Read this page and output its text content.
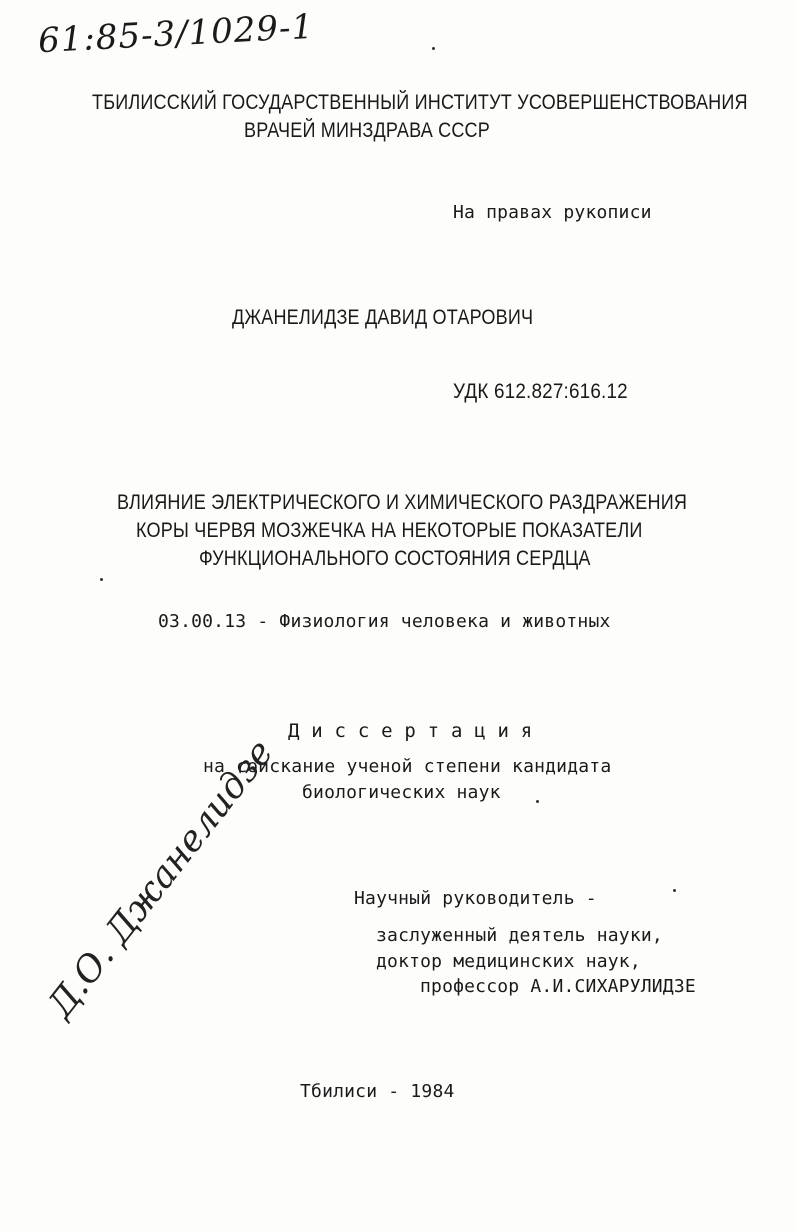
61:85-3/1029-1
ТБИЛИССКИЙ ГОСУДАРСТВЕННЫЙ ИНСТИТУТ УСОВЕРШЕНСТВОВАНИЯ
ВРАЧЕЙ МИНЗДРАВА СССР
На правах рукописи
ДЖАНЕЛИДЗЕ ДАВИД ОТАРОВИЧ
УДК 612.827:616.12
ВЛИЯНИЕ ЭЛЕКТРИЧЕСКОГО И ХИМИЧЕСКОГО РАЗДРАЖЕНИЯ
КОРЫ ЧЕРВЯ МОЗЖЕЧКА НА НЕКОТОРЫЕ ПОКАЗАТЕЛИ
ФУНКЦИОНАЛЬНОГО СОСТОЯНИЯ СЕРДЦА
03.00.13 - Физиология человека и животных
Д и с с е р т а ц и я
на соискание ученой степени кандидата
биологических наук
Научный руководитель -
заслуженный деятель науки,
доктор медицинских наук,
профессор А.И.СИХАРУЛИДЗЕ
Д.О. Джанелидзе
Тбилиси - 1984
